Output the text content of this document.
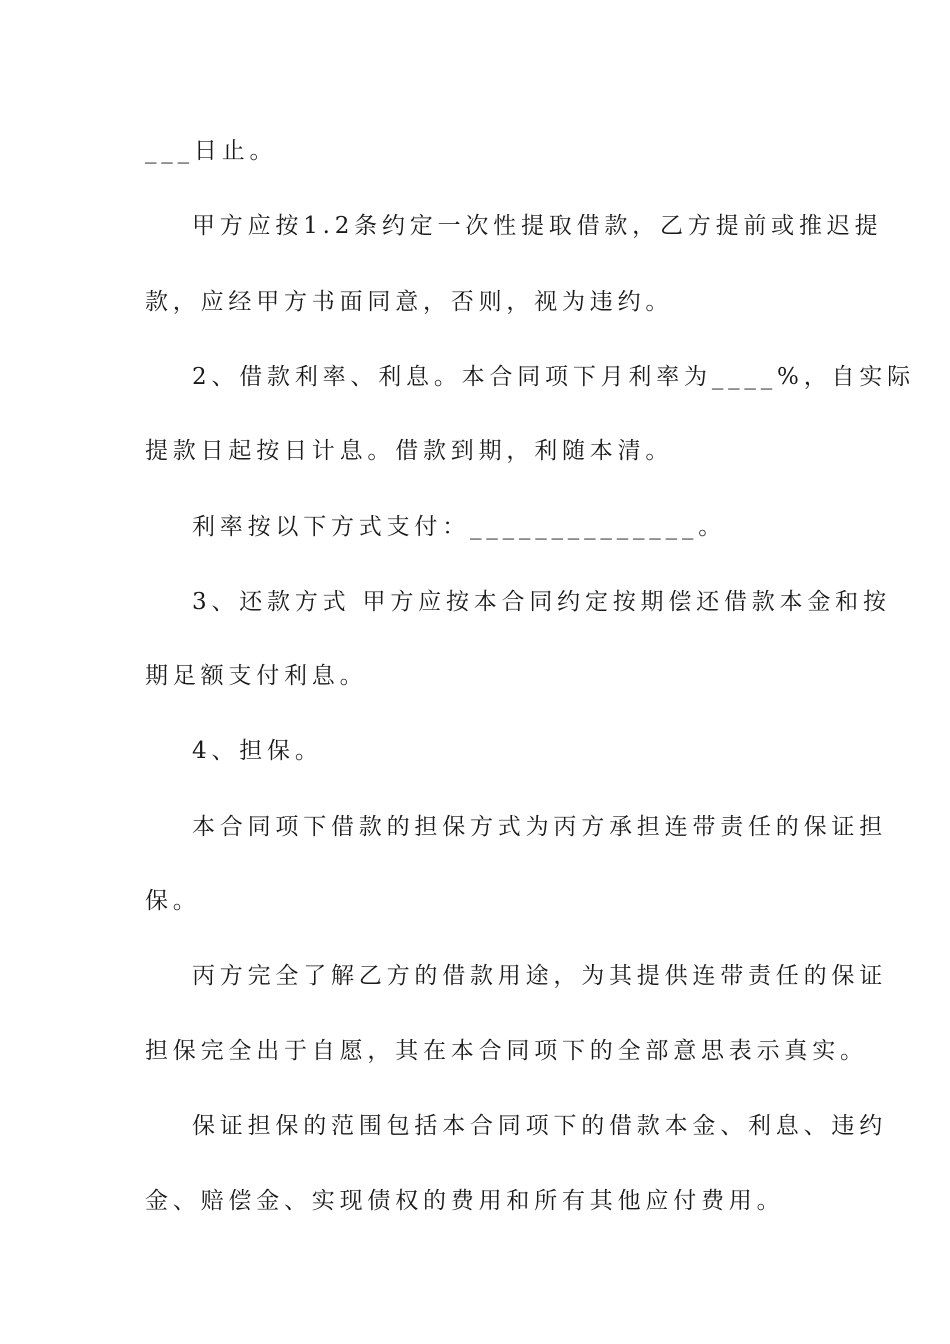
___日止。
甲方应按1.2条约定一次性提取借款，乙方提前或推迟提
款，应经甲方书面同意，否则，视为违约。
2、借款利率、利息。本合同项下月利率为____%，自实际
提款日起按日计息。借款到期，利随本清。
利率按以下方式支付：______________。
3、还款方式 甲方应按本合同约定按期偿还借款本金和按
期足额支付利息。
4、担保。
本合同项下借款的担保方式为丙方承担连带责任的保证担
保。
丙方完全了解乙方的借款用途，为其提供连带责任的保证
担保完全出于自愿，其在本合同项下的全部意思表示真实。
保证担保的范围包括本合同项下的借款本金、利息、违约
金、赔偿金、实现债权的费用和所有其他应付费用。
